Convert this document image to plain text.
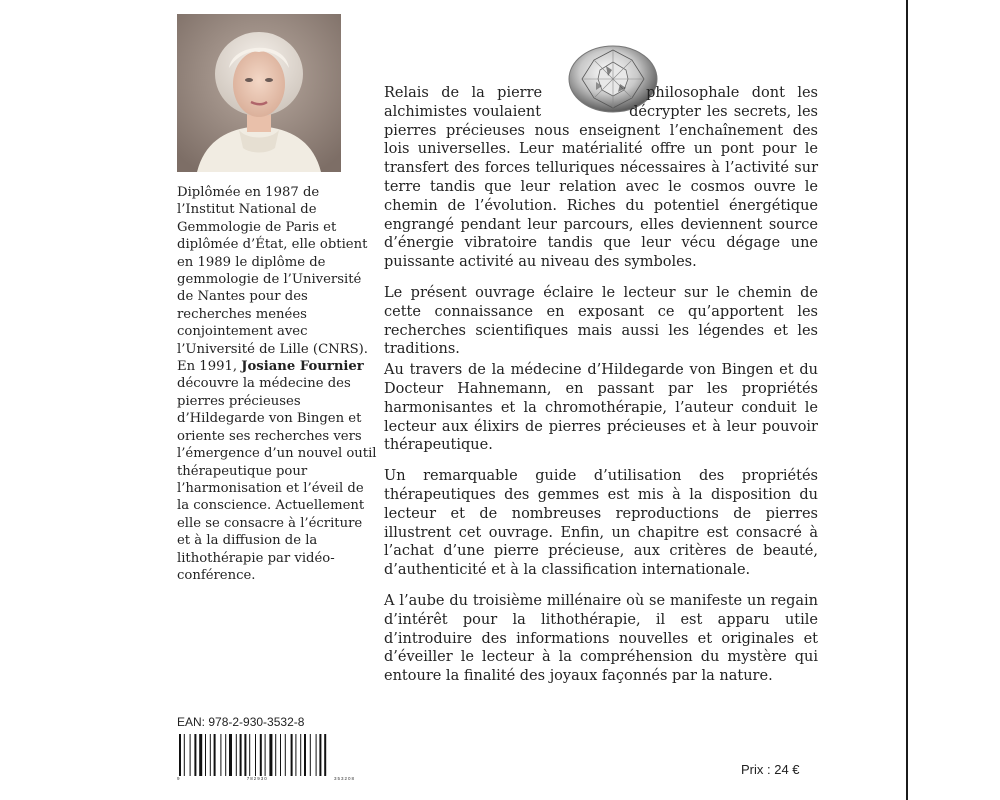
Diplômée en 1987 de l’Institut National de Gemmologie de Paris et diplômée d’État, elle obtient en 1989 le diplôme de gemmologie de l’Université de Nantes pour des recherches menées conjointement avec l’Université de Lille (CNRS).

En 1991, Josiane Fournier découvre la médecine des pierres précieuses d’Hildegarde von Bingen et oriente ses recherches vers l’émergence d’un nouvel outil thérapeutique pour l’harmonisation et l’éveil de la conscience. Actuellement elle se consacre à l’écriture et à la diffusion de la lithothérapie par vidéo-conférence.

EAN: 978-2-930-3532-8
9	782930	353208

Relais de la pierre	philosophale dont les alchimistes voulaient	décrypter les secrets, les pierres précieuses nous enseignent l’enchaînement des lois universelles. Leur matérialité offre un pont pour le transfert des forces telluriques nécessaires à l’activité sur terre tandis que leur relation avec le cosmos ouvre le chemin de l’évolution. Riches du potentiel énergétique engrangé pendant leur parcours, elles deviennent source d’énergie vibratoire tandis que leur vécu dégage une puissante activité au niveau des symboles.

Le présent ouvrage éclaire le lecteur sur le chemin de cette connaissance en exposant ce qu’apportent les recherches scientifiques mais aussi les légendes et les traditions.

Au travers de la médecine d’Hildegarde von Bingen et du Docteur Hahnemann, en passant par les propriétés harmonisantes et la chromothérapie, l’auteur conduit le lecteur aux élixirs de pierres précieuses et à leur pouvoir thérapeutique.

Un remarquable guide d’utilisation des propriétés thérapeutiques des gemmes est mis à la disposition du lecteur et de nombreuses reproductions de pierres illustrent cet ouvrage. Enfin, un chapitre est consacré à l’achat d’une pierre précieuse, aux critères de beauté, d’authenticité et à la classification internationale.

A l’aube du troisième millénaire où se manifeste un regain d’intérêt pour la lithothérapie, il est apparu utile d’introduire des informations nouvelles et originales et d’éveiller le lecteur à la compréhension du mystère qui entoure la finalité des joyaux façonnés par la nature.

Prix : 24 €
